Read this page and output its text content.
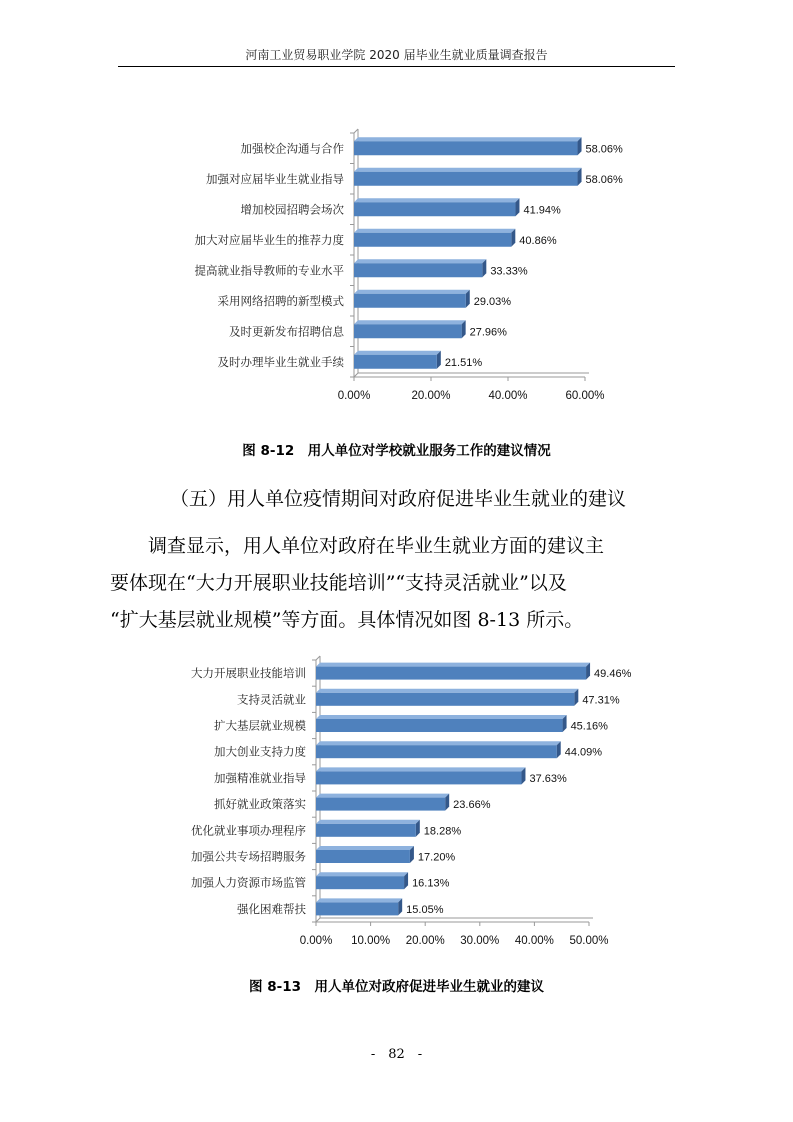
河南工业贸易职业学院 2020 届毕业生就业质量调查报告
加强校企沟通与合作	58.06%
加强对应届毕业生就业指导	58.06%
增加校园招聘会场次	41.94%
加大对应届毕业生的推荐力度	40.86%
提高就业指导教师的专业水平	33.33%
采用网络招聘的新型模式	29.03%
及时更新发布招聘信息	27.96%
及时办理毕业生就业手续	21.51%
0.00%	20.00%	40.00%	60.00%
图 8-12　用人单位对学校就业服务工作的建议情况
（五）用人单位疫情期间对政府促进毕业生就业的建议
调查显示，用人单位对政府在毕业生就业方面的建议主
要体现在“大力开展职业技能培训”“支持灵活就业”以及
“扩大基层就业规模”等方面。具体情况如图 8-13 所示。
大力开展职业技能培训	49.46%
支持灵活就业	47.31%
扩大基层就业规模	45.16%
加大创业支持力度	44.09%
加强精准就业指导	37.63%
抓好就业政策落实	23.66%
优化就业事项办理程序	18.28%
加强公共专场招聘服务	17.20%
加强人力资源市场监管	16.13%
强化困难帮扶	15.05%
0.00% 10.00% 20.00% 30.00% 40.00% 50.00%
图 8-13　用人单位对政府促进毕业生就业的建议
-　82　-
